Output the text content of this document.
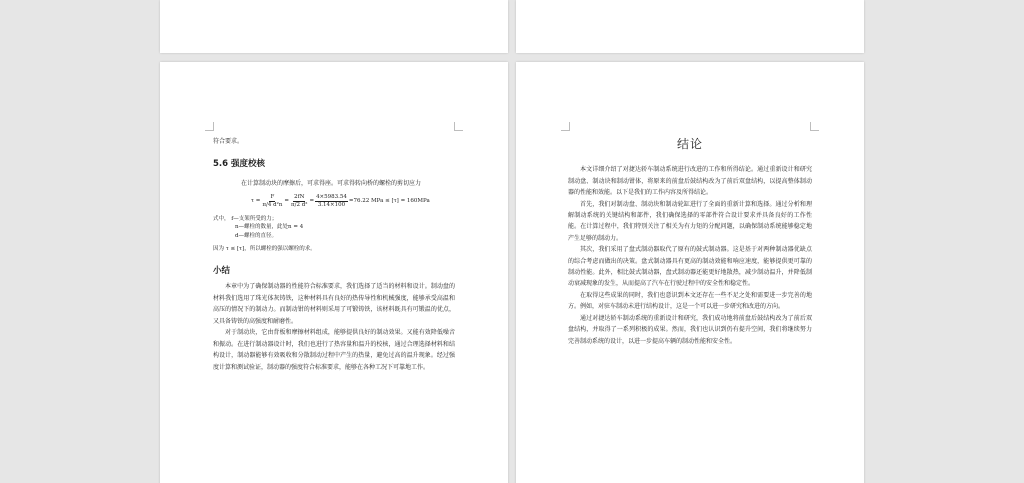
符合要求。

5.6 强度校核

在计算制动块的摩擦后，可求得座。可求得转向桥的螺栓的剪切应力

$\tau = \frac{F}{\text{π/4 d²n}} = \frac{2fN}{\text{π/2 d²}} = \frac{4\times 5983.54}{3.14\times 100} =76.22$ MPa ≤ [τ] = 160MPa
式中， f—支架所受的力；
n—螺栓的数量，此处n = 4
d—螺栓的直径。
因为 τ ≤ [τ]，所以螺栓的强以螺栓的求。
小结

本章中为了确保制动器的性能符合标准要求，我们选择了适当的材料和设计。制动盘的材料我们选用了珠光体灰铸铁，这种材料具有良好的热传导性和机械强度，能够承受高温和高压的情况下的制动力。而制动钳的材料则采用了可锻铸铁，该材料既具有可锻温的优点，又具备铸铁的高强度和耐磨性。

对于制动块，它由背板和摩擦材料组成，能够提供良好的制动效果。又能有效降低噪音和振动。在进行制动器设计时，我们也进行了热容量和温升的校核，通过合理选择材料和结构设计，制动器能够有效吸收和分散制动过程中产生的热量，避免过高的温升现象。经过强度计算和测试验证，制动器的强度符合标准要求，能够在各种工况下可靠地工作。

结论

本文详细介绍了对捷达轿车制动系统进行改进的工作和所得结论。通过重新设计和研究制动盘、制动块和制动钳体，将原来的前盘后鼓结构改为了前后双盘结构，以提高整体制动器的性能和效能。以下是我们的工作内容及所得结论。

首先，我们对制动盘、制动块和制动轮缸进行了全面的重新计算和选择。通过分析和理解制动系统的关键结构和部件，我们确保选择的零部件符合设计要求并具备良好的工作性能。在计算过程中，我们特别关注了相关为有力矩的分配问题，以确保制动系统能够稳定地产生足够的制动力。

其次，我们采用了盘式制动器取代了原有的鼓式制动器。这是基于对两种制动器优缺点的综合考虑而做出的决策。盘式制动器具有更高的制动效能和响应速度，能够提供更可靠的制动性能。此外，相比鼓式制动器，盘式制动器还能更好地散热，减少制动温升，并降低制动衰减现象的发生，从而提高了汽车在行驶过程中的安全性和稳定性。

在取得这些成果的同时，我们也意识到本文还存在一些不足之处和需要进一步完善的地方。例如，对驻车制动未进行结构设计，这是一个可以进一步研究和改进的方向。

通过对捷达轿车制动系统的重新设计和研究，我们成功地将前盘后鼓结构改为了前后双盘结构，并取得了一系列积极的成果。然而，我们也认识到仍有提升空间，我们将继续努力完善制动系统的设计，以进一步提高车辆的制动性能和安全性。
